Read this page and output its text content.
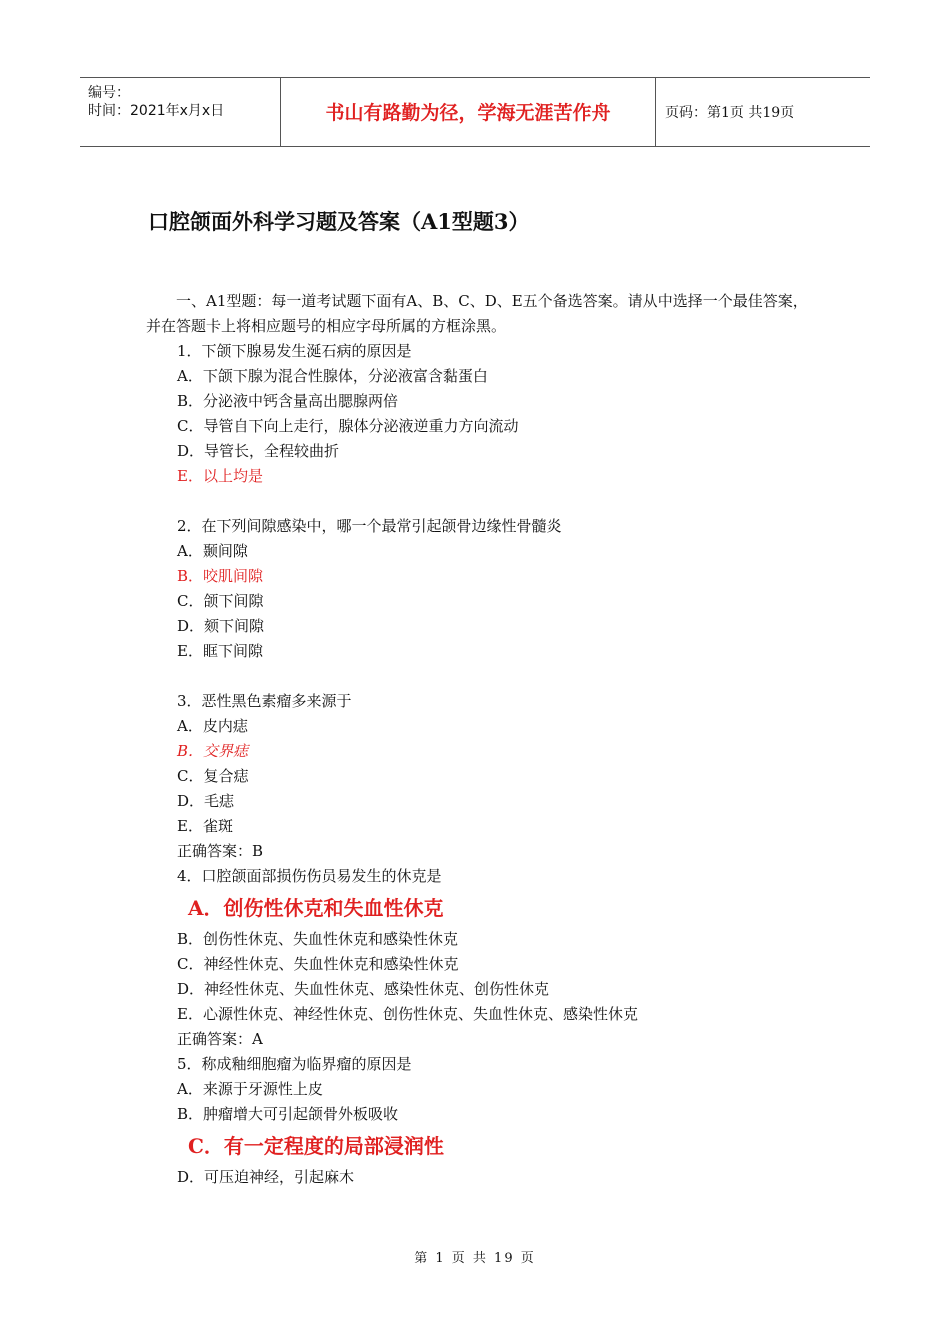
编号：
时间：2021年x月x日	书山有路勤为径，学海无涯苦作舟	页码：第1页 共19页
口腔颌面外科学习题及答案（A1型题3）
一、A1型题：每一道考试题下面有A、B、C、D、E五个备选答案。请从中选择一个最佳答案，并在答题卡上将相应题号的相应字母所属的方框涂黑。
1．下颌下腺易发生涎石病的原因是
A．下颌下腺为混合性腺体，分泌液富含黏蛋白
B．分泌液中钙含量高出腮腺两倍
C．导管自下向上走行，腺体分泌液逆重力方向流动
D．导管长，全程较曲折
E．以上均是
2．在下列间隙感染中，哪一个最常引起颌骨边缘性骨髓炎
A．颞间隙
B．咬肌间隙
C．颌下间隙
D．颏下间隙
E．眶下间隙
3．恶性黑色素瘤多来源于
A．皮内痣
B．交界痣
C．复合痣
D．毛痣
E．雀斑
正确答案：B
4．口腔颌面部损伤伤员易发生的休克是
A．创伤性休克和失血性休克
B．创伤性休克、失血性休克和感染性休克
C．神经性休克、失血性休克和感染性休克
D．神经性休克、失血性休克、感染性休克、创伤性休克
E．心源性休克、神经性休克、创伤性休克、失血性休克、感染性休克
正确答案：A
5．称成釉细胞瘤为临界瘤的原因是
A．来源于牙源性上皮
B．肿瘤增大可引起颌骨外板吸收
C．有一定程度的局部浸润性
D．可压迫神经，引起麻木
第 1 页 共 19 页
